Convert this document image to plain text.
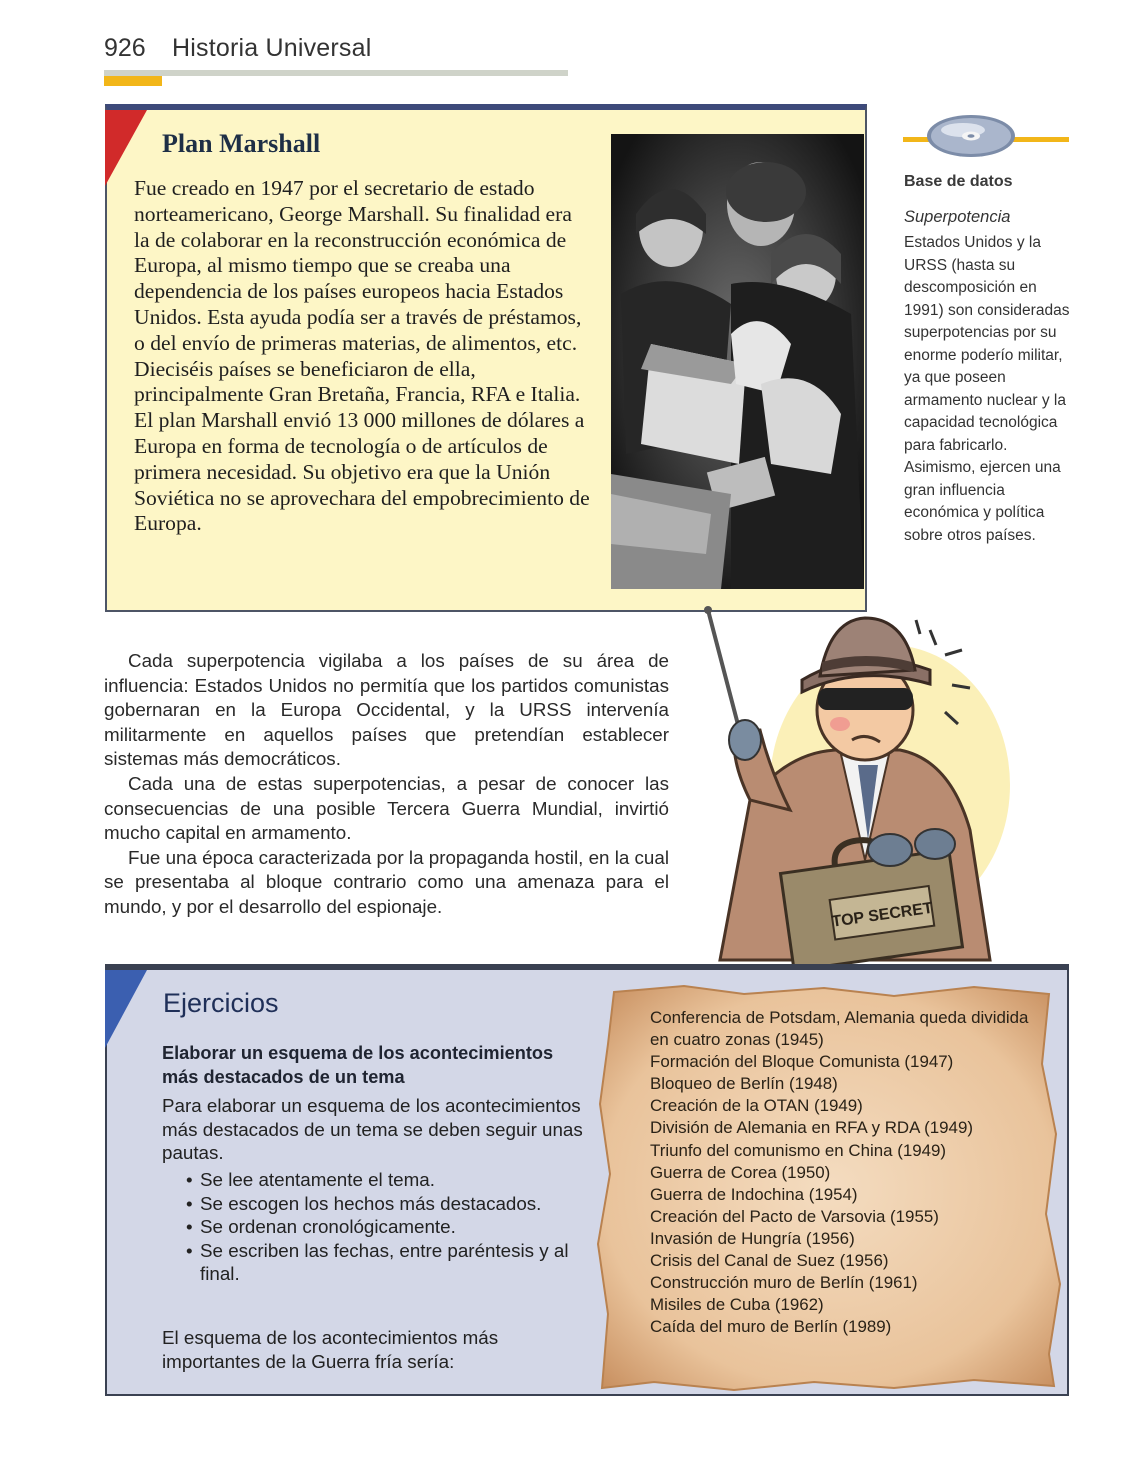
926 Historia Universal
Plan Marshall

Fue creado en 1947 por el secretario de estado norteamericano, George Marshall. Su finalidad era la de colaborar en la reconstrucción económica de Europa, al mismo tiempo que se creaba una dependencia de los países europeos hacia Estados Unidos. Esta ayuda podía ser a través de préstamos, o del envío de primeras materias, de alimentos, etc. Dieciséis países se beneficiaron de ella, principalmente Gran Bretaña, Francia, RFA e Italia. El plan Marshall envió 13 000 millones de dólares a Europa en forma de tecnología o de artículos de primera necesidad. Su objetivo era que la Unión Soviética no se aprovechara del empobrecimiento de Europa.

Base de datos
Superpotencia

Estados Unidos y la URSS (hasta su descomposición en 1991) son consideradas superpotencias por su enorme poderío militar, ya que poseen armamento nuclear y la capacidad tecnológica para fabricarlo. Asimismo, ejercen una gran influencia económica y política sobre otros países.

Cada superpotencia vigilaba a los países de su área de influencia: Estados Unidos no permitía que los partidos comunistas gobernaran en la Europa Occidental, y la URSS intervenía militarmente en aquellos países que pretendían establecer sistemas más democráticos.

Cada una de estas superpotencias, a pesar de conocer las consecuencias de una posible Tercera Guerra Mundial, invirtió mucho capital en armamento.

Fue una época caracterizada por la propaganda hostil, en la cual se presentaba al bloque contrario como una amenaza para el mundo, y por el desarrollo del espionaje.	TOP SECRET
Ejercicios
Elaborar un esquema de los acontecimientos más destacados de un tema

Para elaborar un esquema de los acontecimientos más destacados de un tema se deben seguir unas pautas.

• Se lee atentamente el tema.
• Se escogen los hechos más destacados.
• Se ordenan cronológicamente.
• Se escriben las fechas, entre paréntesis y al final.

El esquema de los acontecimientos más importantes de la Guerra fría sería:

Conferencia de Potsdam, Alemania queda dividida en cuatro zonas (1945)
Formación del Bloque Comunista (1947)
Bloqueo de Berlín (1948)
Creación de la OTAN (1949)
División de Alemania en RFA y RDA (1949)
Triunfo del comunismo en China (1949)
Guerra de Corea (1950)
Guerra de Indochina (1954)
Creación del Pacto de Varsovia (1955)
Invasión de Hungría (1956)
Crisis del Canal de Suez (1956)
Construcción muro de Berlín (1961)
Misiles de Cuba (1962)
Caída del muro de Berlín (1989)
